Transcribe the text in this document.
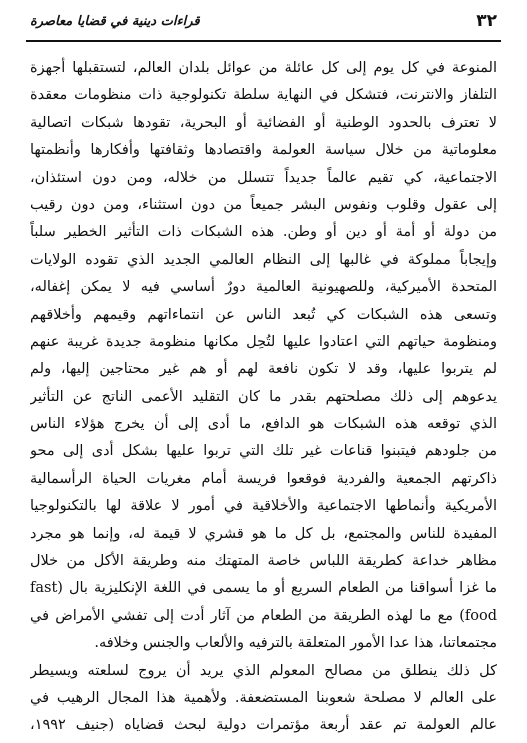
٣٢
قراءات دينية في قضايا معاصرة
المنوعة في كل يوم إلى كل عائلة من عوائل بلدان العالم، لتستقبلها أجهزة
التلفاز والانترنت، فتشكل في النهاية سلطة تكنولوجية ذات منظومات معقدة
لا تعترف بالحدود الوطنية أو الفضائية أو البحرية، تقودها شبكات اتصالية
معلوماتية من خلال سياسة العولمة واقتصادها وثقافتها وأفكارها وأنظمتها
الاجتماعية، كي تقيم عالماً جديداً تتسلل من خلاله، ومن دون استئذان،
إلى عقول وقلوب ونفوس البشر جميعاً من دون استثناء، ومن دون رقيب
من دولة أو أمة أو دين أو وطن. هذه الشبكات ذات التأثير الخطير سلباً
وإيجاباً مملوكة في غالبها إلى النظام العالمي الجديد الذي تقوده الولايات
المتحدة الأميركية، وللصهيونية العالمية دورٌ أساسي فيه لا يمكن إغفاله،
وتسعى هذه الشبكات كي تُبعد الناس عن انتماءاتهم وقيمهم وأخلاقهم
ومنظومة حياتهم التي اعتادوا عليها لتُحِل مكانها منظومة جديدة غريبة عنهم
لم يتربوا عليها، وقد لا تكون نافعة لهم أو هم غير محتاجين إليها، ولم
يدعوهم إلى ذلك مصلحتهم بقدر ما كان التقليد الأعمى الناتج عن التأثير
الذي توقعه هذه الشبكات هو الدافع، ما أدى إلى أن يخرج هؤلاء الناس
من جلودهم فيتبنوا قناعات غير تلك التي تربوا عليها بشكل أدى إلى محو
ذاكرتهم الجمعية والفردية فوقعوا فريسة أمام مغريات الحياة الرأسمالية
الأمريكية وأنماطها الاجتماعية والأخلاقية في أمور لا علاقة لها بالتكنولوجيا
المفيدة للناس والمجتمع، بل كل ما هو قشري لا قيمة له، وإنما هو مجرد
مظاهر خداعة كطريقة اللباس خاصة المتهتك منه وطريقة الأكل من خلال
ما غزا أسواقنا من الطعام السريع أو ما يسمى في اللغة الإنكليزية بال (fast
food) مع ما لهذه الطريقة من الطعام من آثار أدت إلى تفشي الأمراض في
مجتمعاتنا، هذا عدا الأمور المتعلقة بالترفيه والألعاب والجنس وخلافه.
كل ذلك ينطلق من مصالح المعولم الذي يريد أن يروج لسلعته ويسيطر
على العالم لا مصلحة شعوبنا المستضعفة. ولأهمية هذا المجال الرهيب في
عالم العولمة تم عقد أربعة مؤتمرات دولية لبحث قضاياه (جنيف ١٩٩٢،
